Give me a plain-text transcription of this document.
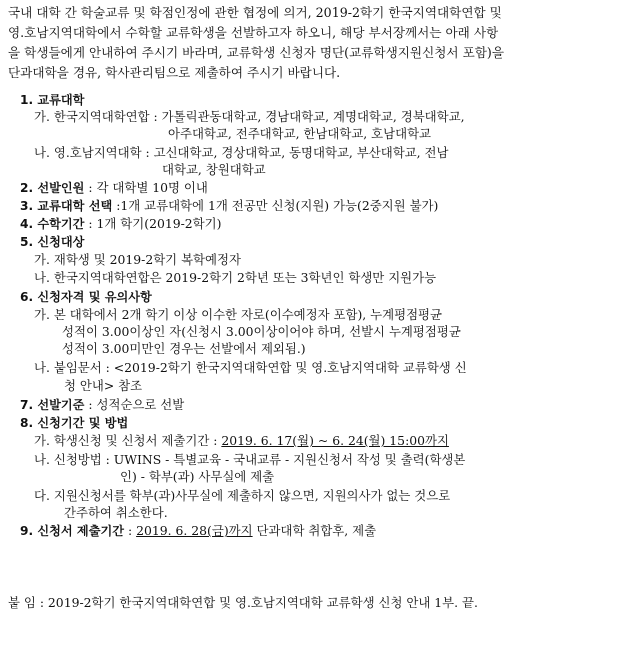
국내 대학 간 학술교류 및 학점인정에 관한 협정에 의거, 2019-2학기 한국지역대학연합 및
영.호남지역대학에서 수학할 교류학생을 선발하고자 하오니, 해당 부서장께서는 아래 사항
을 학생들에게 안내하여 주시기 바라며, 교류학생 신청자 명단(교류학생지원신청서 포함)을
단과대학을 경유, 학사관리팀으로 제출하여 주시기 바랍니다.
1. 교류대학
가. 한국지역대학연합 : 가톨릭관동대학교, 경남대학교, 계명대학교, 경북대학교,
아주대학교, 전주대학교, 한남대학교, 호남대학교
나. 영.호남지역대학 : 고신대학교, 경상대학교, 동명대학교, 부산대학교, 전남
대학교, 창원대학교
2. 선발인원 : 각 대학별 10명 이내
3. 교류대학 선택 :1개 교류대학에 1개 전공만 신청(지원) 가능(2중지원 불가)
4. 수학기간 : 1개 학기(2019-2학기)
5. 신청대상
가. 재학생 및 2019-2학기 복학예정자
나. 한국지역대학연합은 2019-2학기 2학년 또는 3학년인 학생만 지원가능
6. 신청자격 및 유의사항
가. 본 대학에서 2개 학기 이상 이수한 자로(이수예정자 포함), 누계평점평균
성적이 3.00이상인 자(신청시 3.00이상이어야 하며, 선발시 누계평점평균
성적이 3.00미만인 경우는 선발에서 제외됨.)
나. 붙임문서 : <2019-2학기 한국지역대학연합 및 영.호남지역대학 교류학생 신
청 안내> 참조
7. 선발기준 : 성적순으로 선발
8. 신청기간 및 방법
가. 학생신청 및 신청서 제출기간 : 2019. 6. 17(월) ~ 6. 24(월) 15:00까지
나. 신청방법 : UWINS - 특별교육 - 국내교류 - 지원신청서 작성 및 출력(학생본
인) - 학부(과) 사무실에 제출
다. 지원신청서를 학부(과)사무실에 제출하지 않으면, 지원의사가 없는 것으로
간주하여 취소한다.
9. 신청서 제출기간 : 2019. 6. 28(금)까지 단과대학 취합후, 제출
붙 임 : 2019-2학기 한국지역대학연합 및 영.호남지역대학 교류학생 신청 안내 1부. 끝.
